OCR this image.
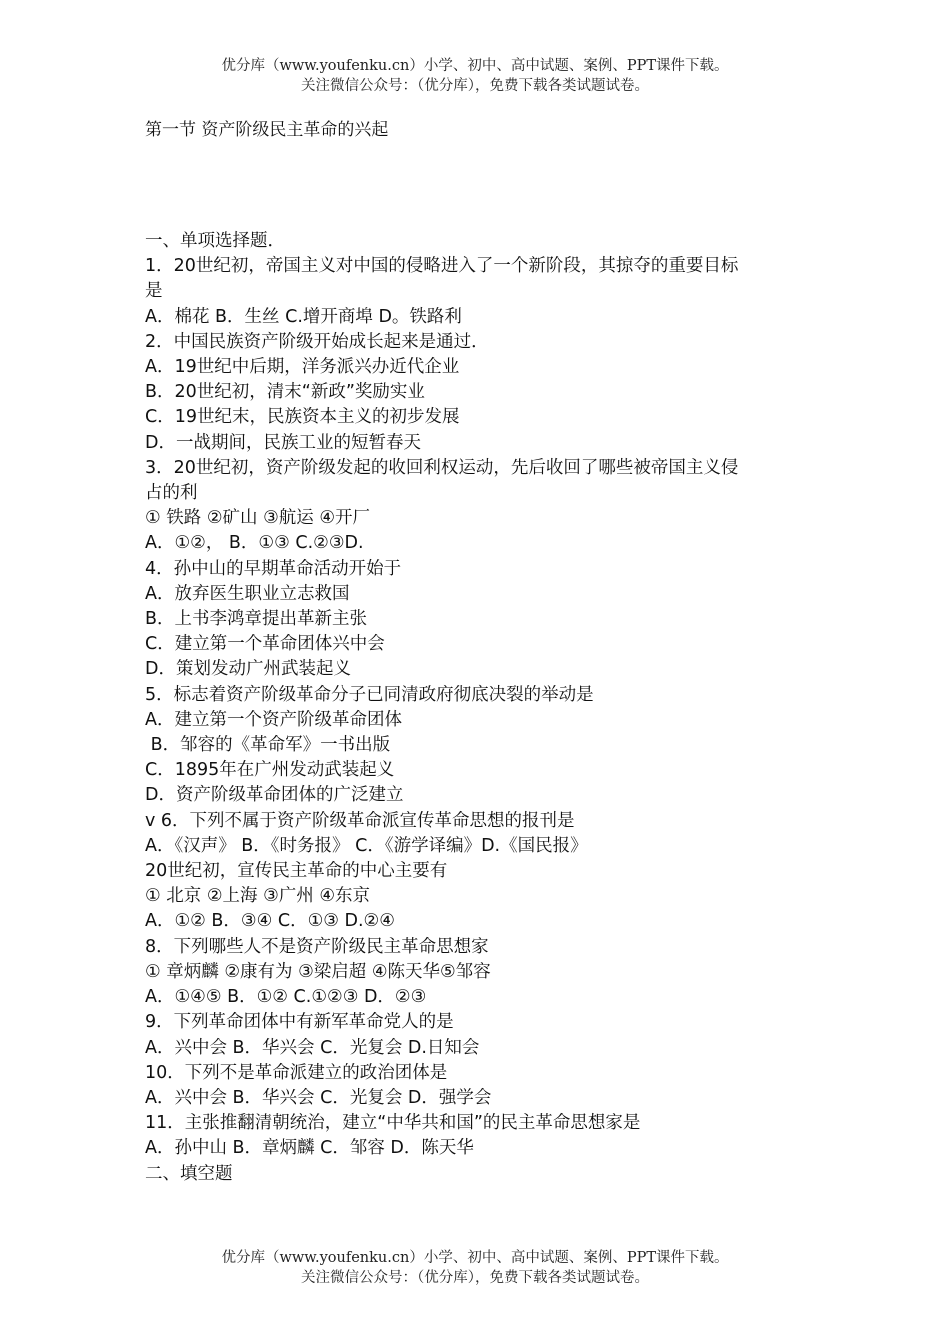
优分库（www.youfenku.cn）小学、初中、高中试题、案例、PPT课件下载。
关注微信公众号：（优分库），免费下载各类试题试卷。
第一节 资产阶级民主革命的兴起
一、单项选择题．
1．20世纪初，帝国主义对中国的侵略进入了一个新阶段，其掠夺的重要目标
是
A．棉花 B．生丝 C.增开商埠 D。铁路利
2．中国民族资产阶级开始成长起来是通过．
A．19世纪中后期，洋务派兴办近代企业
B．20世纪初，清末“新政”奖励实业
C．19世纪末，民族资本主义的初步发展
D．一战期间，民族工业的短暂春天
3．20世纪初，资产阶级发起的收回利权运动，先后收回了哪些被帝国主义侵
占的利
① 铁路 ②矿山 ③航运 ④开厂
A．①②， B．①③ C.②③D.
4．孙中山的早期革命活动开始于
A．放弃医生职业立志救国
B．上书李鸿章提出革新主张
C．建立第一个革命团体兴中会
D．策划发动广州武装起义
5．标志着资产阶级革命分子已同清政府彻底决裂的举动是
A．建立第一个资产阶级革命团体
B．邹容的《革命军》一书出版
C．1895年在广州发动武装起义
D．资产阶级革命团体的广泛建立
v 6．下列不属于资产阶级革命派宣传革命思想的报刊是
A．《汉声》 B．《时务报》 C．《游学译编》D.《国民报》
20世纪初，宣传民主革命的中心主要有
① 北京 ②上海 ③广州 ④东京
A．①② B．③④ C．①③ D.②④
8．下列哪些人不是资产阶级民主革命思想家
① 章炳麟 ②康有为 ③梁启超 ④陈天华⑤邹容
A．①④⑤ B．①② C.①②③ D．②③
9．下列革命团体中有新军革命党人的是
A．兴中会 B．华兴会 C．光复会 D.日知会
10．下列不是革命派建立的政治团体是
A．兴中会 B．华兴会 C．光复会 D．强学会
11．主张推翻清朝统治，建立“中华共和国”的民主革命思想家是
A．孙中山 B．章炳麟 C．邹容 D．陈天华
二、填空题
优分库（www.youfenku.cn）小学、初中、高中试题、案例、PPT课件下载。
关注微信公众号：（优分库），免费下载各类试题试卷。
